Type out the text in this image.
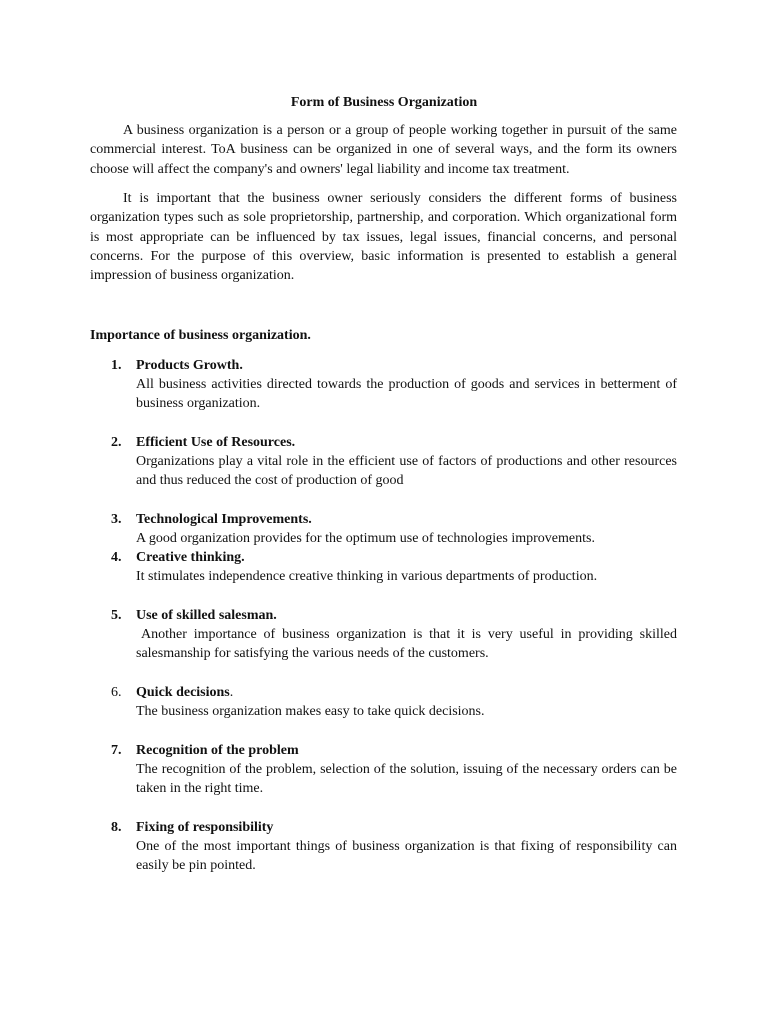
Form of Business Organization

A business organization is a person or a group of people working together in pursuit of the same commercial interest. ToA business can be organized in one of several ways, and the form its owners choose will affect the company's and owners' legal liability and income tax treatment.

It is important that the business owner seriously considers the different forms of business organization types such as sole proprietorship, partnership, and corporation. Which organizational form is most appropriate can be influenced by tax issues, legal issues, financial concerns, and personal concerns. For the purpose of this overview, basic information is presented to establish a general impression of business organization.

Importance of business organization.
1. Products Growth.
All business activities directed towards the production of goods and services in betterment of business organization.
2. Efficient Use of Resources.
Organizations play a vital role in the efficient use of factors of productions and other resources and thus reduced the cost of production of good
3. Technological Improvements.
A good organization provides for the optimum use of technologies improvements.
4. Creative thinking.
It stimulates independence creative thinking in various departments of production.
5. Use of skilled salesman.
Another importance of business organization is that it is very useful in providing skilled salesmanship for satisfying the various needs of the customers.
6. Quick decisions.
The business organization makes easy to take quick decisions.
7. Recognition of the problem
The recognition of the problem, selection of the solution, issuing of the necessary orders can be taken in the right time.
8. Fixing of responsibility
One of the most important things of business organization is that fixing of responsibility can easily be pin pointed.
